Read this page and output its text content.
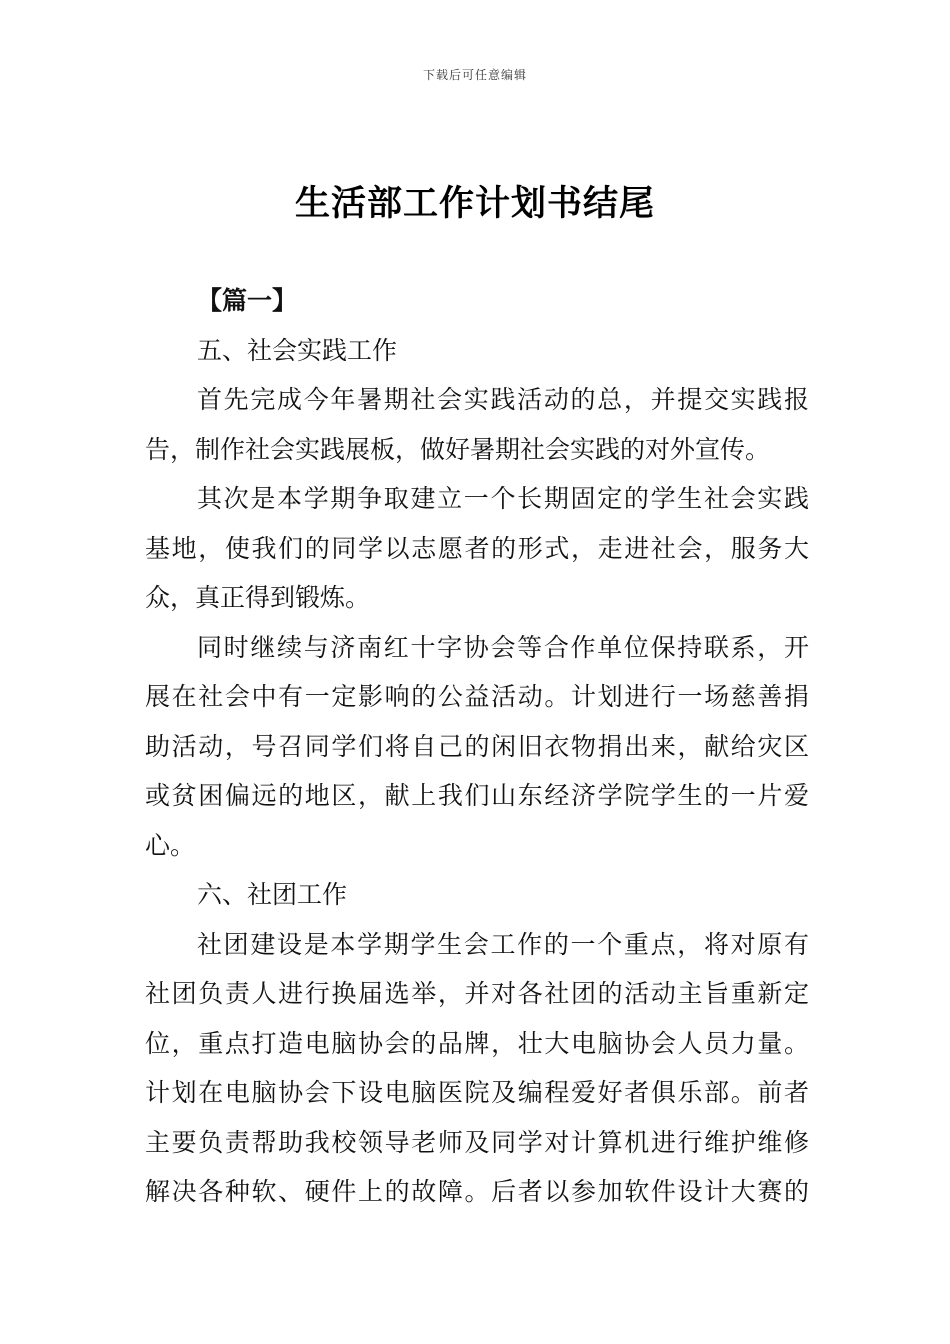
下载后可任意编辑
生活部工作计划书结尾
【篇一】
五、社会实践工作
首先完成今年暑期社会实践活动的总，并提交实践报
告，制作社会实践展板，做好暑期社会实践的对外宣传。
其次是本学期争取建立一个长期固定的学生社会实践
基地，使我们的同学以志愿者的形式，走进社会，服务大
众，真正得到锻炼。
同时继续与济南红十字协会等合作单位保持联系，开
展在社会中有一定影响的公益活动。计划进行一场慈善捐
助活动，号召同学们将自己的闲旧衣物捐出来，献给灾区
或贫困偏远的地区，献上我们山东经济学院学生的一片爱
心。
六、社团工作
社团建设是本学期学生会工作的一个重点，将对原有
社团负责人进行换届选举，并对各社团的活动主旨重新定
位，重点打造电脑协会的品牌，壮大电脑协会人员力量。
计划在电脑协会下设电脑医院及编程爱好者俱乐部。前者
主要负责帮助我校领导老师及同学对计算机进行维护维修
解决各种软、硬件上的故障。后者以参加软件设计大赛的
